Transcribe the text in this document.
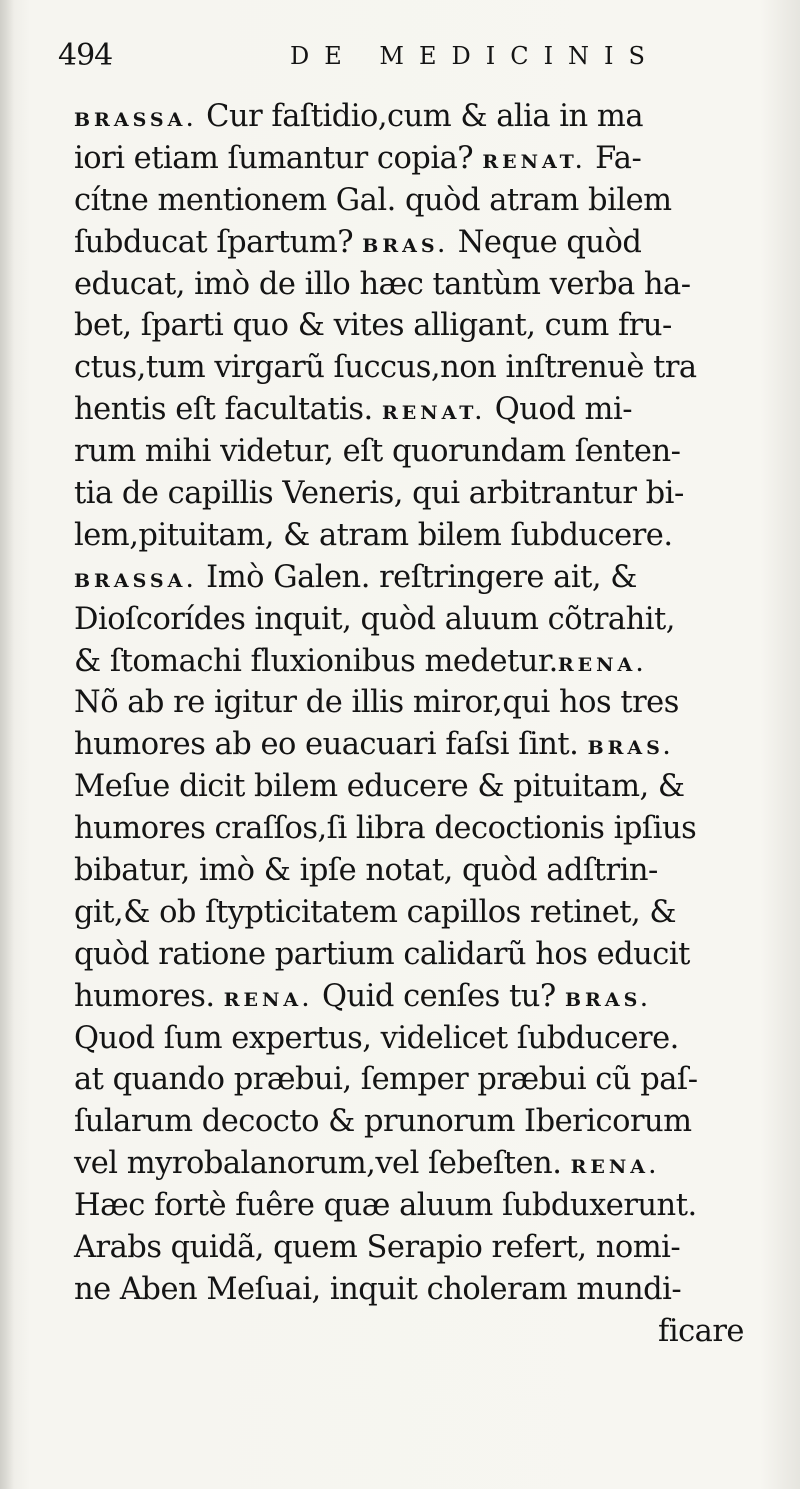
494	DE MEDICINIS
BRASSA. Cur faſtidio,cum & alia in ma
iori etiam ſumantur copia? RENAT. Fa-
cítne mentionem Gal. quòd atram bilem
ſubducat ſpartum? BRAS. Neque quòd
educat, imò de illo hæc tantùm verba ha-
bet, ſparti quo & vites alligant, cum fru-
ctus,tum virgarũ ſuccus,non inſtrenuè tra
hentis eſt facultatis. RENAT. Quod mi-
rum mihi videtur, eſt quorundam ſenten-
tia de capillis Veneris, qui arbitrantur bi-
lem,pituitam, & atram bilem ſubducere.
BRASSA. Imò Galen. reſtringere ait, &
Dioſcorídes inquit, quòd aluum cõtrahit,
& ſtomachi fluxionibus medetur.RENA.
Nõ ab re igitur de illis miror,qui hos tres
humores ab eo euacuari faſsi ſint. BRAS.
Meſue dicit bilem educere & pituitam, &
humores craſſos,ſi libra decoctionis ipſius
bibatur, imò & ipſe notat, quòd adſtrin-
git,& ob ſtypticitatem capillos retinet, &
quòd ratione partium calidarũ hos educit
humores. RENA. Quid cenſes tu? BRAS.
Quod ſum expertus, videlicet ſubducere.
at quando præbui, ſemper præbui cũ paſ-
ſularum decocto & prunorum Ibericorum
vel myrobalanorum,vel ſebeſten. RENA.
Hæc fortè fuêre quæ aluum ſubduxerunt.
Arabs quidã, quem Serapio refert, nomi-
ne Aben Meſuai, inquit choleram mundi-
ficare
